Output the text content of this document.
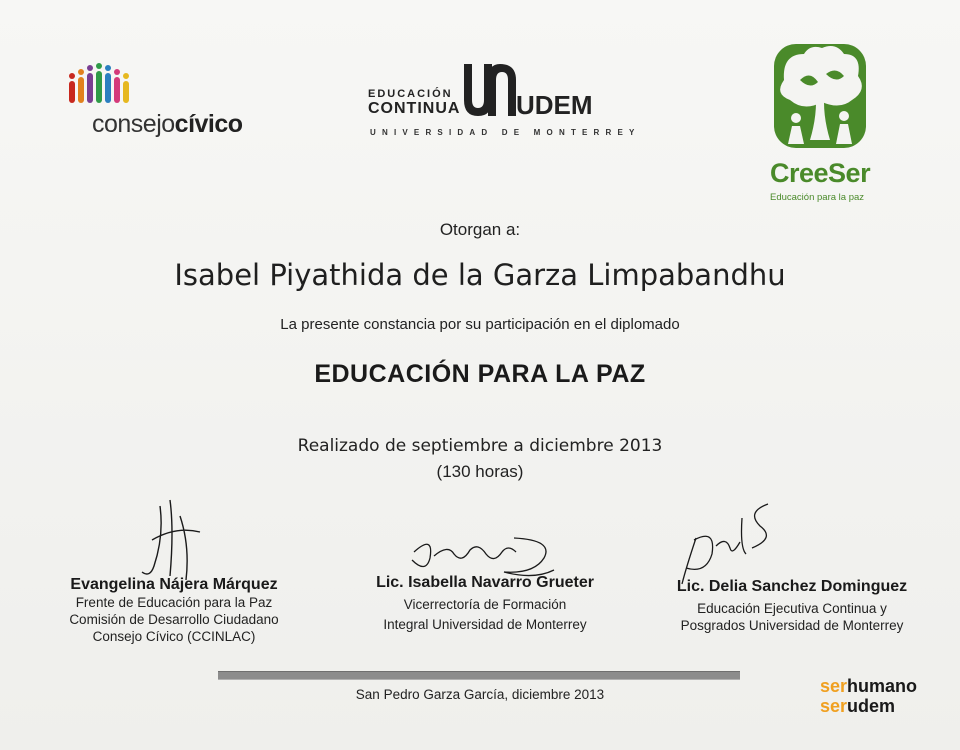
consejocívico
EDUCACIÓN
CONTINUA UDEM
UNIVERSIDAD DE MONTERREY
CreeSer
Educación para la paz
Otorgan a:
Isabel Piyathida de la Garza Limpabandhu
La presente constancia por su participación en el diplomado
EDUCACIÓN PARA LA PAZ
Realizado de septiembre a diciembre 2013
(130 horas)
Evangelina Nájera Márquez
Frente de Educación para la Paz
Comisión de Desarrollo Ciudadano
Consejo Cívico (CCINLAC)
Lic. Isabella Navarro Grueter
Vicerrectoría de Formación
Integral Universidad de Monterrey
Lic. Delia Sanchez Dominguez
Educación Ejecutiva Continua y
Posgrados Universidad de Monterrey
San Pedro Garza García, diciembre 2013	serhumano
serudem
